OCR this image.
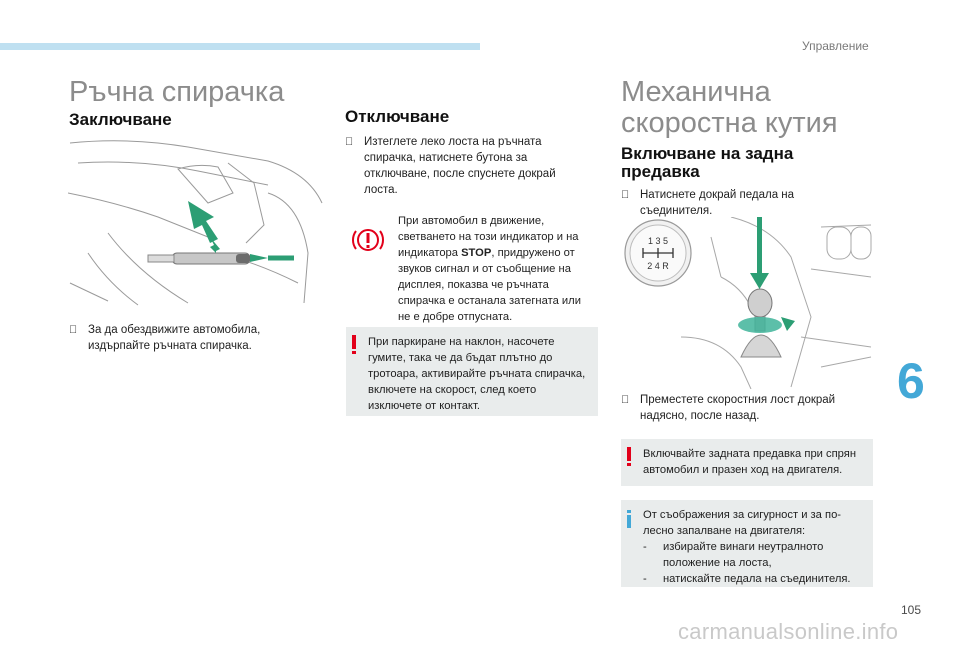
Управление
Ръчна спирачка
Заключване
За да обездвижите автомобила, издърпайте ръчната спирачка.
Отключване
Изтеглете леко лоста на ръчната спирачка, натиснете бутона за отключване, после спуснете докрай лоста.
При автомобил в движение, светването на този индикатор и на индикатора STOP, придружено от звуков сигнал и от съобщение на дисплея, показва че ръчната спирачка е останала затегната или не е добре отпусната.
При паркиране на наклон, насочете гумите, така че да бъдат плътно до тротоара, активирайте ръчната спирачка, включете на скорост, след което изключете от контакт.
Механична
скоростна кутия
Включване на задна
предавка
Натиснете докрай педала на съединителя.
1 3 5
2 4 R
Преместете скоростния лост докрай надясно, после назад.
Включвайте задната предавка при спрян автомобил и празен ход на двигателя.
От съображения за сигурност и за по-лесно запалване на двигателя:
-	избирайте винаги неутралното положение на лоста,
-	натискайте педала на съединителя.
6
105
carmanualsonline.info
